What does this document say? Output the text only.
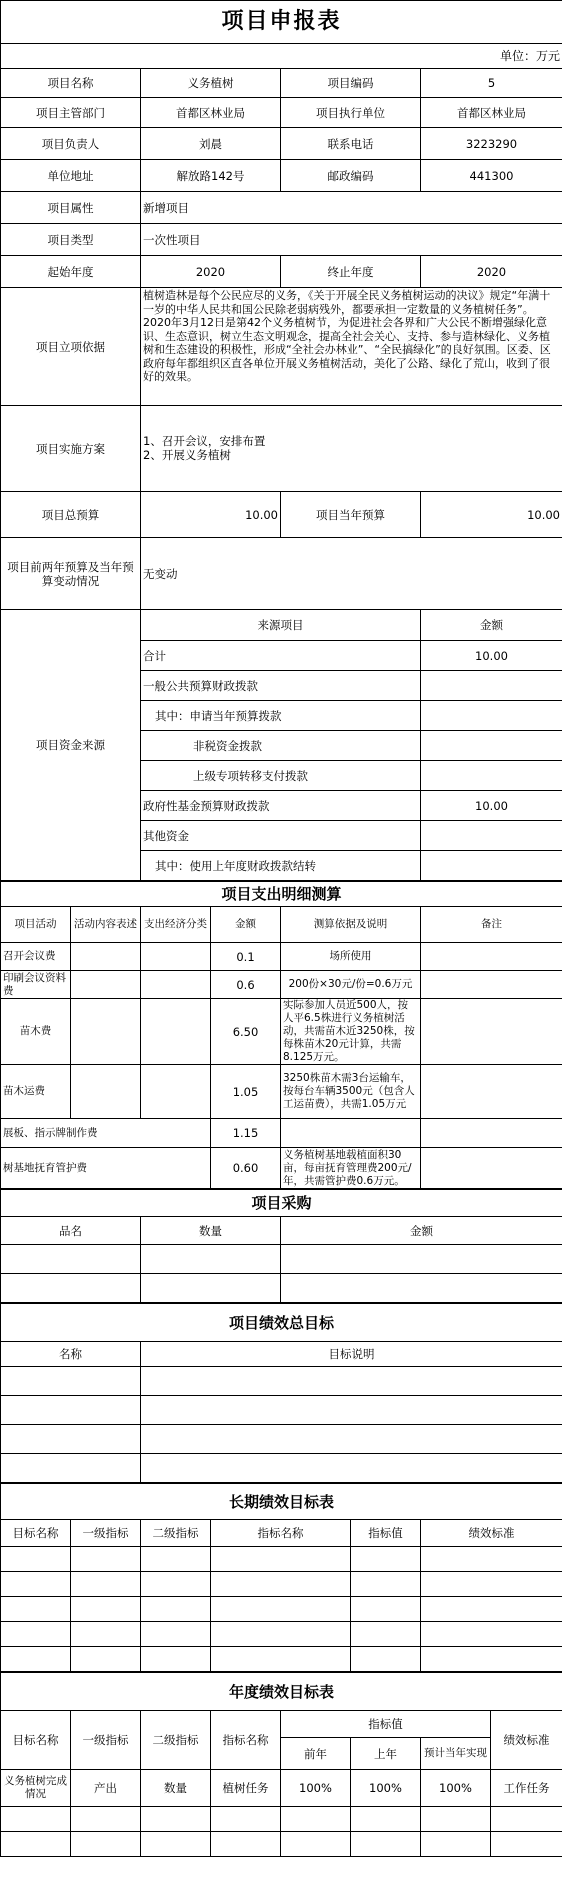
项目申报表			
单位：万元			
项目名称	义务植树	项目编码	5
项目主管部门	首都区林业局	项目执行单位	首都区林业局
项目负责人	刘晨	联系电话	3223290
单位地址	解放路142号	邮政编码	441300
项目属性	新增项目		
项目类型	一次性项目		
起始年度	2020	终止年度	2020
项目立项依据	植树造林是每个公民应尽的义务，《关于开展全民义务植树运动的决议》规定“年满十一岁的中华人民共和国公民除老弱病残外，都要承担一定数量的义务植树任务”。2020年3月12日是第42个义务植树节，为促进社会各界和广大公民不断增强绿化意识、生态意识，树立生态文明观念，提高全社会关心、支持、参与造林绿化、义务植树和生态建设的积极性，形成“全社会办林业”、“全民搞绿化”的良好氛围。区委、区政府每年都组织区直各单位开展义务植树活动，美化了公路、绿化了荒山，收到了很好的效果。		
项目实施方案	1、召开会议，安排布置
2、开展义务植树		

项目总预算	10.00	项目当年预算	10.00
项目前两年预算及当年预算变动情况	无变动		
项目资金来源	来源项目		金额
	合计		10.00
	一般公共预算财政拨款		
	其中：申请当年预算拨款		
	非税资金拨款		
	上级专项转移支付拨款		
	政府性基金预算财政拨款		10.00
	其他资金		
	其中：使用上年度财政拨款结转		
项目支出明细测算					
项目活动	活动内容表述	支出经济分类	金额	测算依据及说明	备注
召开会议费			0.1	场所使用	
印刷会议资料费			0.6	200份×30元/份=0.6万元	
苗木费			6.50	实际参加人员近500人，按人平6.5株进行义务植树活动，共需苗木近3250株，按每株苗木20元计算，共需8.125万元。	
苗木运费			1.05	3250株苗木需3台运输车，按每台车辆3500元（包含人工运苗费），共需1.05万元	
展板、指示牌制作费			1.15		
树基地抚育管护费			0.60	义务植树基地载植面积30亩，每亩抚育管理费200元/年，共需管护费0.6万元。	
项目采购		
品名	数量	金额

项目绩效总目标	
名称	目标说明

长期绩效目标表					
目标名称	一级指标	二级指标	指标名称	指标值	绩效标准

年度绩效目标表							
目标名称	一级指标	二级指标	指标名称	指标值			绩效标准
				前年	上年	预计当年实现	
义务植树完成情况	产出	数量	植树任务	100%	100%	100%	工作任务
